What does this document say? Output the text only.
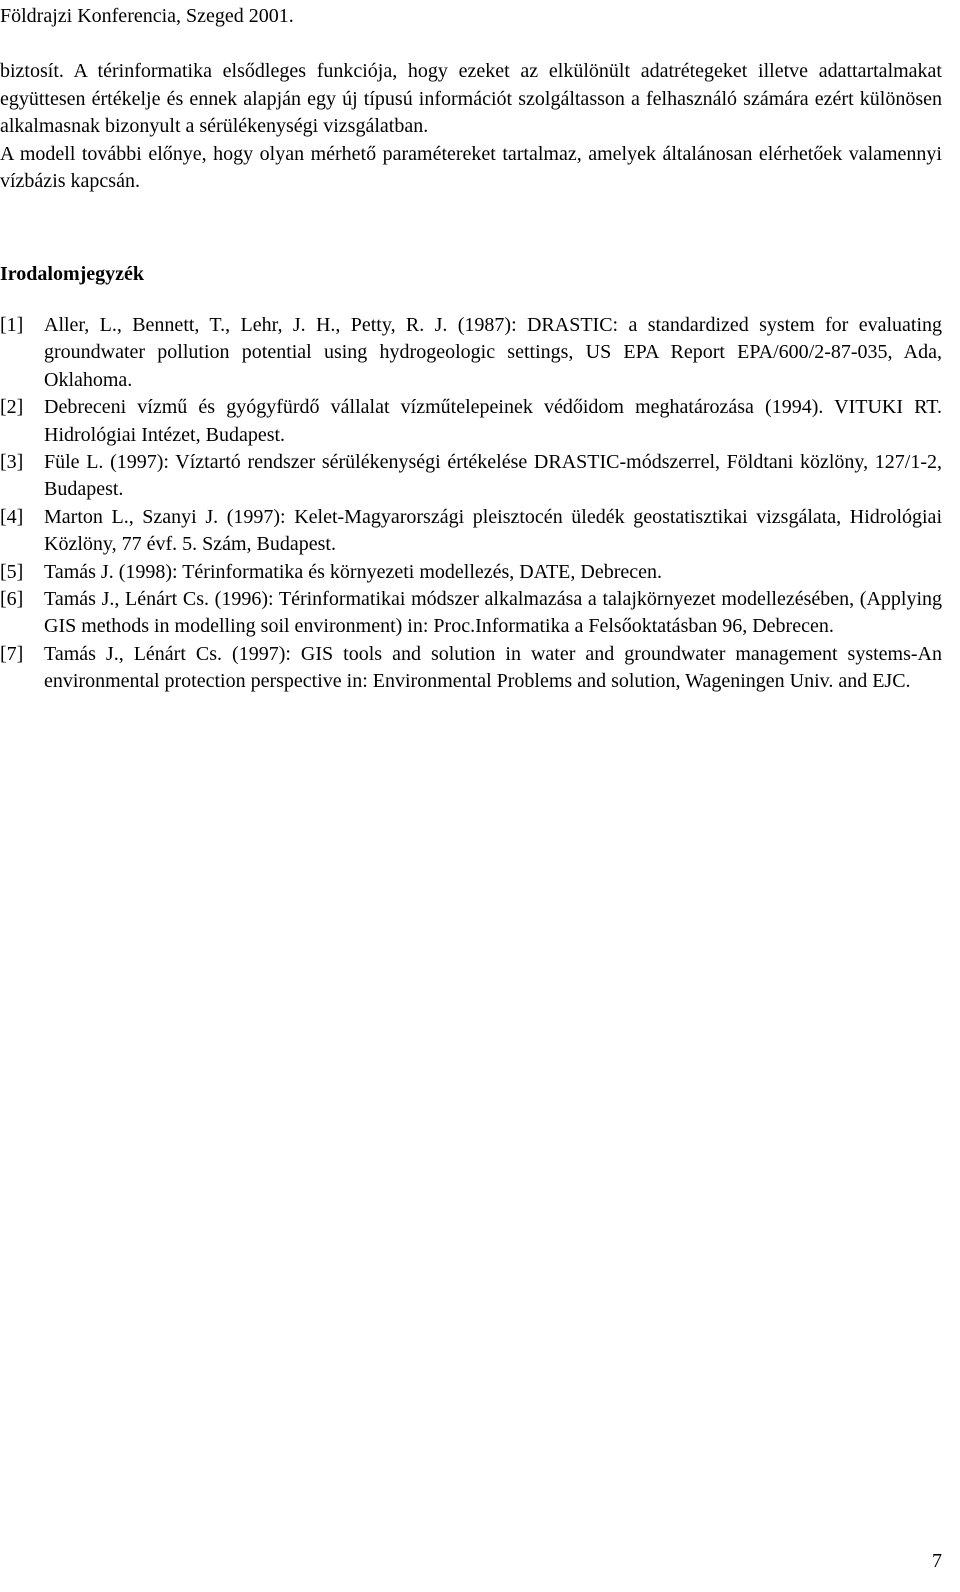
Földrajzi Konferencia, Szeged 2001.

biztosít. A térinformatika elsődleges funkciója, hogy ezeket az elkülönült adatrétegeket illetve adattartalmakat együttesen értékelje és ennek alapján egy új típusú információt szolgáltasson a felhasználó számára ezért különösen alkalmasnak bizonyult a sérülékenységi vizsgálatban.

A modell további előnye, hogy olyan mérhető paramétereket tartalmaz, amelyek általánosan elérhetőek valamennyi vízbázis kapcsán.

Irodalomjegyzék
[1] Aller, L., Bennett, T., Lehr, J. H., Petty, R. J. (1987): DRASTIC: a standardized system for evaluating groundwater pollution potential using hydrogeologic settings, US EPA Report EPA/600/2-87-035, Ada, Oklahoma.
[2] Debreceni vízmű és gyógyfürdő vállalat vízműtelepeinek védőidom meghatározása (1994). VITUKI RT. Hidrológiai Intézet, Budapest.
[3] Füle L. (1997): Víztartó rendszer sérülékenységi értékelése DRASTIC-módszerrel, Földtani közlöny, 127/1-2, Budapest.
[4] Marton L., Szanyi J. (1997): Kelet-Magyarországi pleisztocén üledék geostatisztikai vizsgálata, Hidrológiai Közlöny, 77 évf. 5. Szám, Budapest.
[5] Tamás J. (1998): Térinformatika és környezeti modellezés, DATE, Debrecen.
[6] Tamás J., Lénárt Cs. (1996): Térinformatikai módszer alkalmazása a talajkörnyezet modellezésében, (Applying GIS methods in modelling soil environment) in: Proc.Informatika a Felsőoktatásban 96, Debrecen.
[7] Tamás J., Lénárt Cs. (1997): GIS tools and solution in water and groundwater management systems-An environmental protection perspective in: Environmental Problems and solution, Wageningen Univ. and EJC.
7
